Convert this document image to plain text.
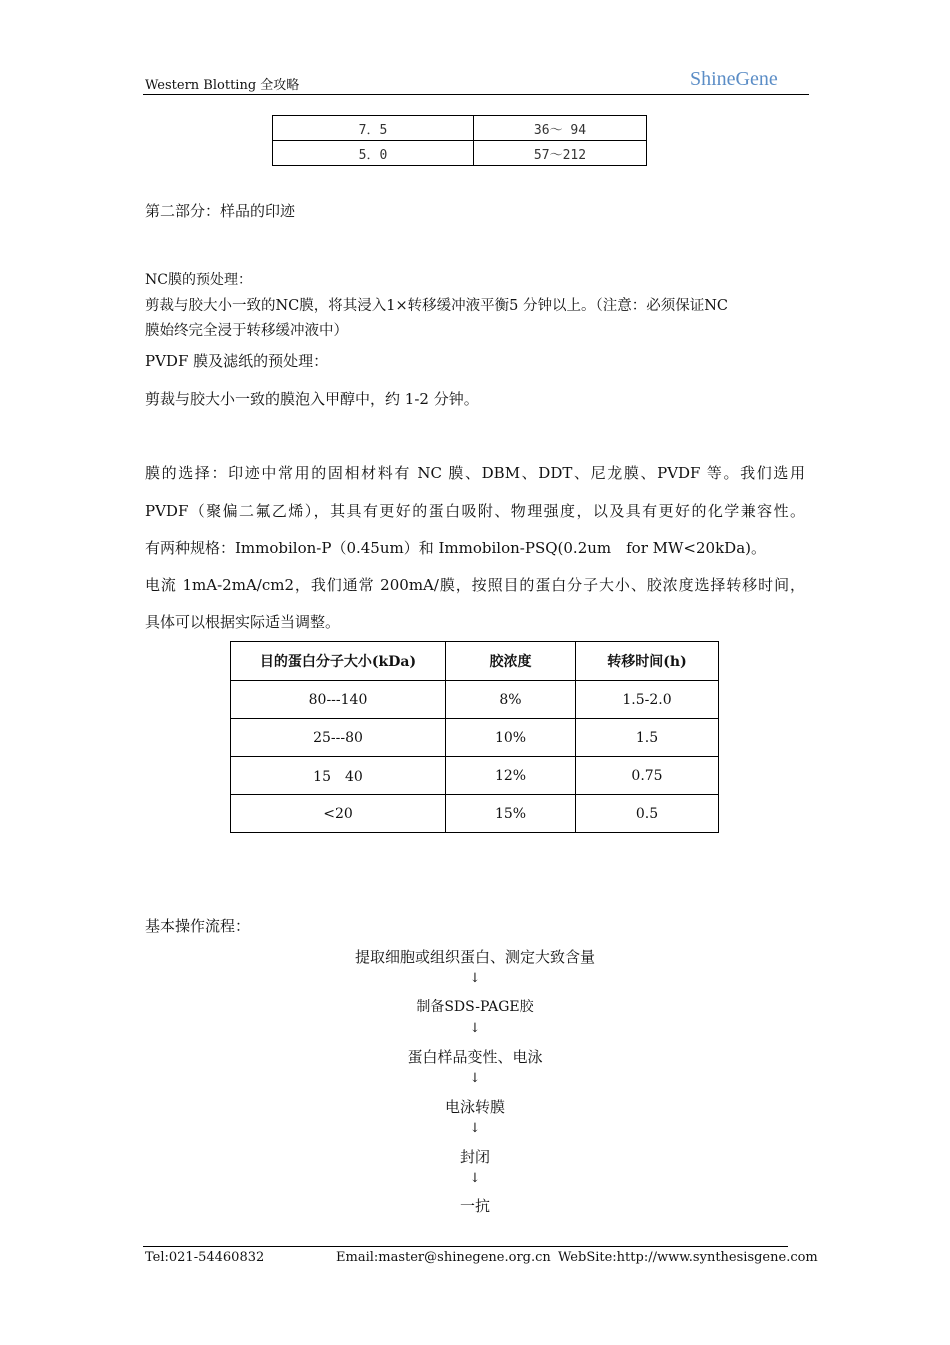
Western Blotting 全攻略	ShineGene
7．5	36～ 94
5．0	57～212
第二部分：样品的印迹
NC膜的预处理：
剪裁与胶大小一致的NC膜，将其浸入1×转移缓冲液平衡5 分钟以上。（注意：必须保证NC
膜始终完全浸于转移缓冲液中）
PVDF 膜及滤纸的预处理：
剪裁与胶大小一致的膜泡入甲醇中，约 1-2 分钟。
膜的选择：印迹中常用的固相材料有 NC 膜、DBM、DDT、尼龙膜、PVDF 等。我们选用
PVDF（聚偏二氟乙烯），其具有更好的蛋白吸附、物理强度，以及具有更好的化学兼容性。
有两种规格：Immobilon-P（0.45um）和 Immobilon-PSQ(0.2um　for MW<20kDa)。
电流 1mA-2mA/cm2，我们通常 200mA/膜，按照目的蛋白分子大小、胶浓度选择转移时间，
具体可以根据实际适当调整。
目的蛋白分子大小(kDa)	胶浓度	转移时间(h)
80---140	8%	1.5-2.0
25---80	10%	1.5
15　40	12%	0.75
<20	15%	0.5
基本操作流程：
提取细胞或组织蛋白、测定大致含量
↓
制备SDS-PAGE胶
↓
蛋白样品变性、电泳
↓
电泳转膜
↓
封闭
↓
一抗
Tel:021-54460832	Email:master@shinegene.org.cn WebSite:http://www.synthesisgene.com
